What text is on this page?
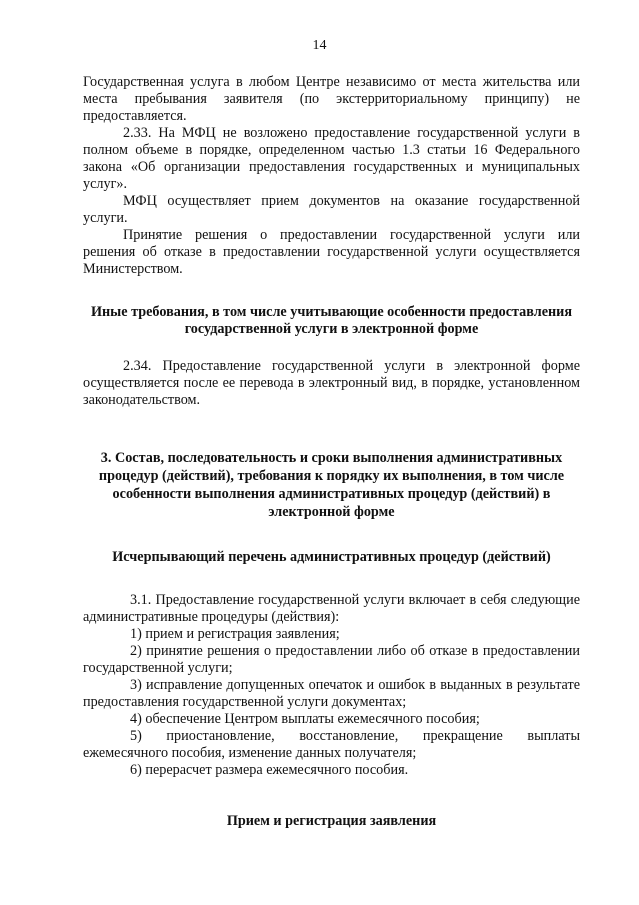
14

Государственная услуга в любом Центре независимо от места жительства или места пребывания заявителя (по экстерриториальному принципу) не предоставляется.

2.33. На МФЦ не возложено предоставление государственной услуги в полном объеме в порядке, определенном частью 1.3 статьи 16 Федерального закона «Об организации предоставления государственных и муниципальных услуг».

МФЦ осуществляет прием документов на оказание государственной услуги.

Принятие решения о предоставлении государственной услуги или решения об отказе в предоставлении государственной услуги осуществляется Министерством.

Иные требования, в том числе учитывающие особенности предоставления государственной услуги в электронной форме

2.34. Предоставление государственной услуги в электронной форме осуществляется после ее перевода в электронный вид, в порядке, установленном законодательством.

3. Состав, последовательность и сроки выполнения административных процедур (действий), требования к порядку их выполнения, в том числе особенности выполнения административных процедур (действий) в электронной форме

Исчерпывающий перечень административных процедур (действий)

3.1. Предоставление государственной услуги включает в себя следующие административные процедуры (действия):

1) прием и регистрация заявления;

2) принятие решения о предоставлении либо об отказе в предоставлении государственной услуги;

3) исправление допущенных опечаток и ошибок в выданных в результате предоставления государственной услуги документах;

4) обеспечение Центром выплаты ежемесячного пособия;

5) приостановление, восстановление, прекращение выплаты ежемесячного пособия, изменение данных получателя;

6) перерасчет размера ежемесячного пособия.

Прием и регистрация заявления
